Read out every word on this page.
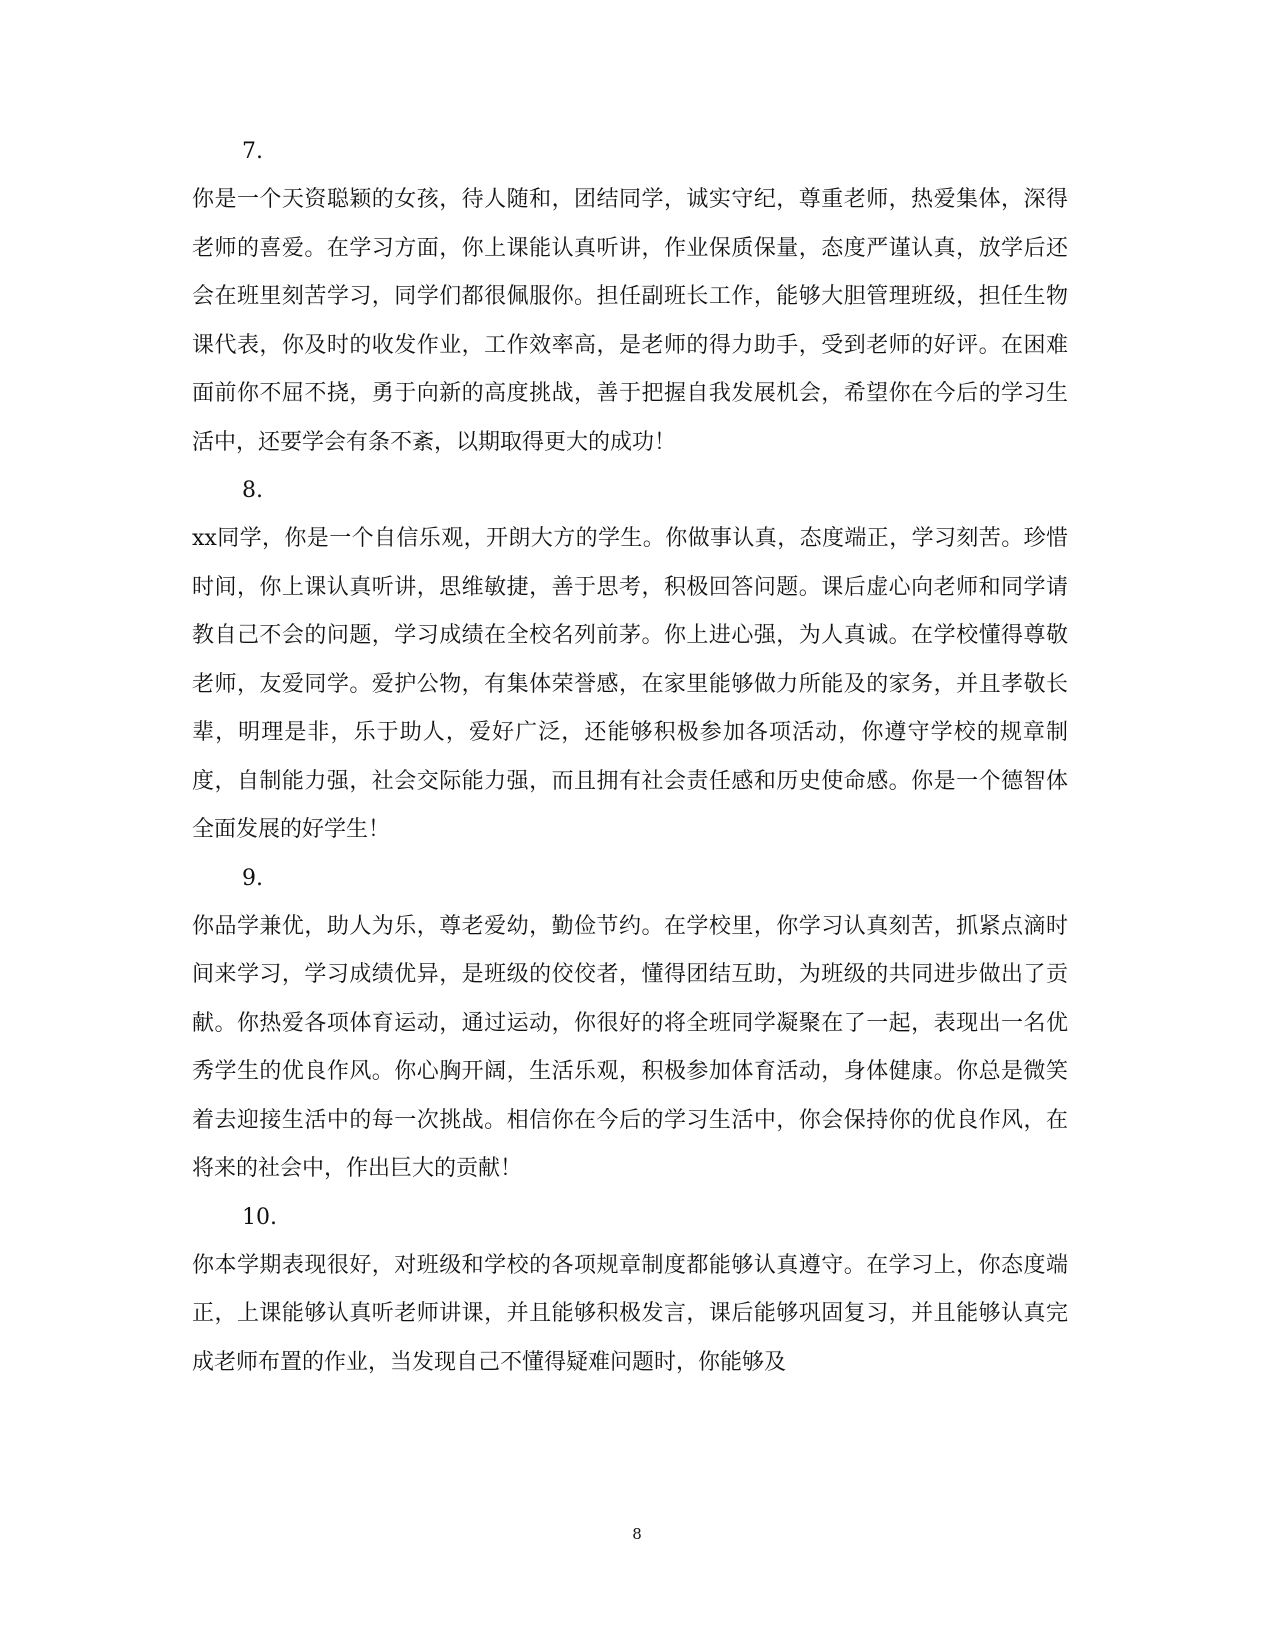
7.

你是一个天资聪颖的女孩，待人随和，团结同学，诚实守纪，尊重老师，热爱集体，深得老师的喜爱。在学习方面，你上课能认真听讲，作业保质保量，态度严谨认真，放学后还会在班里刻苦学习，同学们都很佩服你。担任副班长工作，能够大胆管理班级，担任生物课代表，你及时的收发作业，工作效率高，是老师的得力助手，受到老师的好评。在困难面前你不屈不挠，勇于向新的高度挑战，善于把握自我发展机会，希望你在今后的学习生活中，还要学会有条不紊，以期取得更大的成功！

8.

xx同学，你是一个自信乐观，开朗大方的学生。你做事认真，态度端正，学习刻苦。珍惜时间，你上课认真听讲，思维敏捷，善于思考，积极回答问题。课后虚心向老师和同学请教自己不会的问题，学习成绩在全校名列前茅。你上进心强，为人真诚。在学校懂得尊敬老师，友爱同学。爱护公物，有集体荣誉感，在家里能够做力所能及的家务，并且孝敬长辈，明理是非，乐于助人，爱好广泛，还能够积极参加各项活动，你遵守学校的规章制度，自制能力强，社会交际能力强，而且拥有社会责任感和历史使命感。你是一个德智体全面发展的好学生！

9.

你品学兼优，助人为乐，尊老爱幼，勤俭节约。在学校里，你学习认真刻苦，抓紧点滴时间来学习，学习成绩优异，是班级的佼佼者，懂得团结互助，为班级的共同进步做出了贡献。你热爱各项体育运动，通过运动，你很好的将全班同学凝聚在了一起，表现出一名优秀学生的优良作风。你心胸开阔，生活乐观，积极参加体育活动，身体健康。你总是微笑着去迎接生活中的每一次挑战。相信你在今后的学习生活中，你会保持你的优良作风，在将来的社会中，作出巨大的贡献！

10.

你本学期表现很好，对班级和学校的各项规章制度都能够认真遵守。在学习上，你态度端正，上课能够认真听老师讲课，并且能够积极发言，课后能够巩固复习，并且能够认真完成老师布置的作业，当发现自己不懂得疑难问题时，你能够及

8
